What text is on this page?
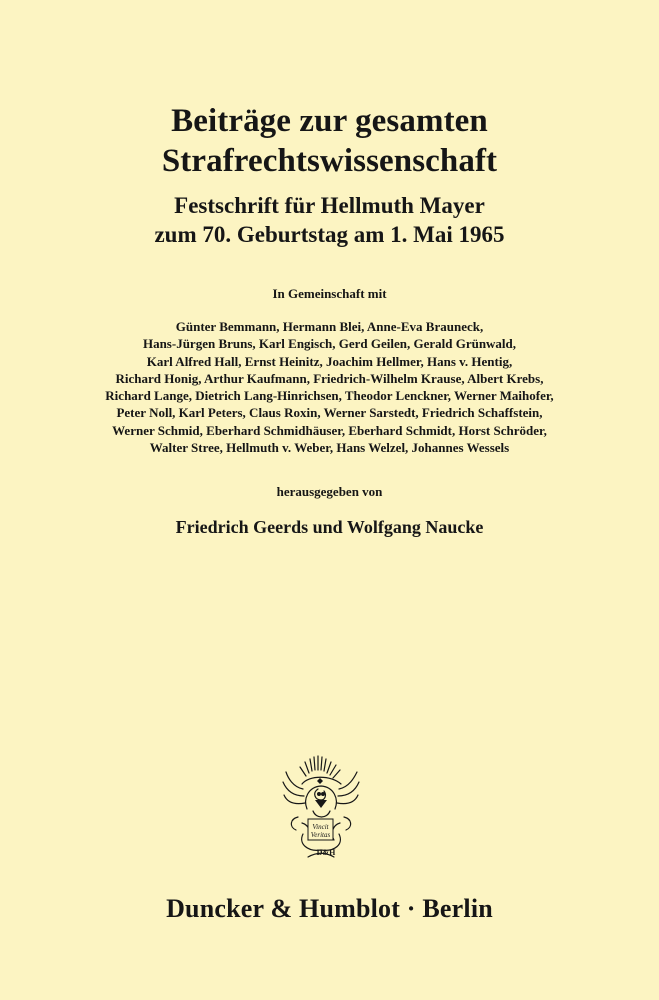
Beiträge zur gesamten
Strafrechtswissenschaft
Festschrift für Hellmuth Mayer
zum 70. Geburtstag am 1. Mai 1965
In Gemeinschaft mit
Günter Bemmann, Hermann Blei, Anne-Eva Brauneck,
Hans-Jürgen Bruns, Karl Engisch, Gerd Geilen, Gerald Grünwald,
Karl Alfred Hall, Ernst Heinitz, Joachim Hellmer, Hans v. Hentig,
Richard Honig, Arthur Kaufmann, Friedrich-Wilhelm Krause, Albert Krebs,
Richard Lange, Dietrich Lang-Hinrichsen, Theodor Lenckner, Werner Maihofer,
Peter Noll, Karl Peters, Claus Roxin, Werner Sarstedt, Friedrich Schaffstein,
Werner Schmid, Eberhard Schmidhäuser, Eberhard Schmidt, Horst Schröder,
Walter Stree, Hellmuth v. Weber, Hans Welzel, Johannes Wessels
herausgegeben von
Friedrich Geerds und Wolfgang Naucke
Vincit
Veritas
D&H
Duncker & Humblot · Berlin
